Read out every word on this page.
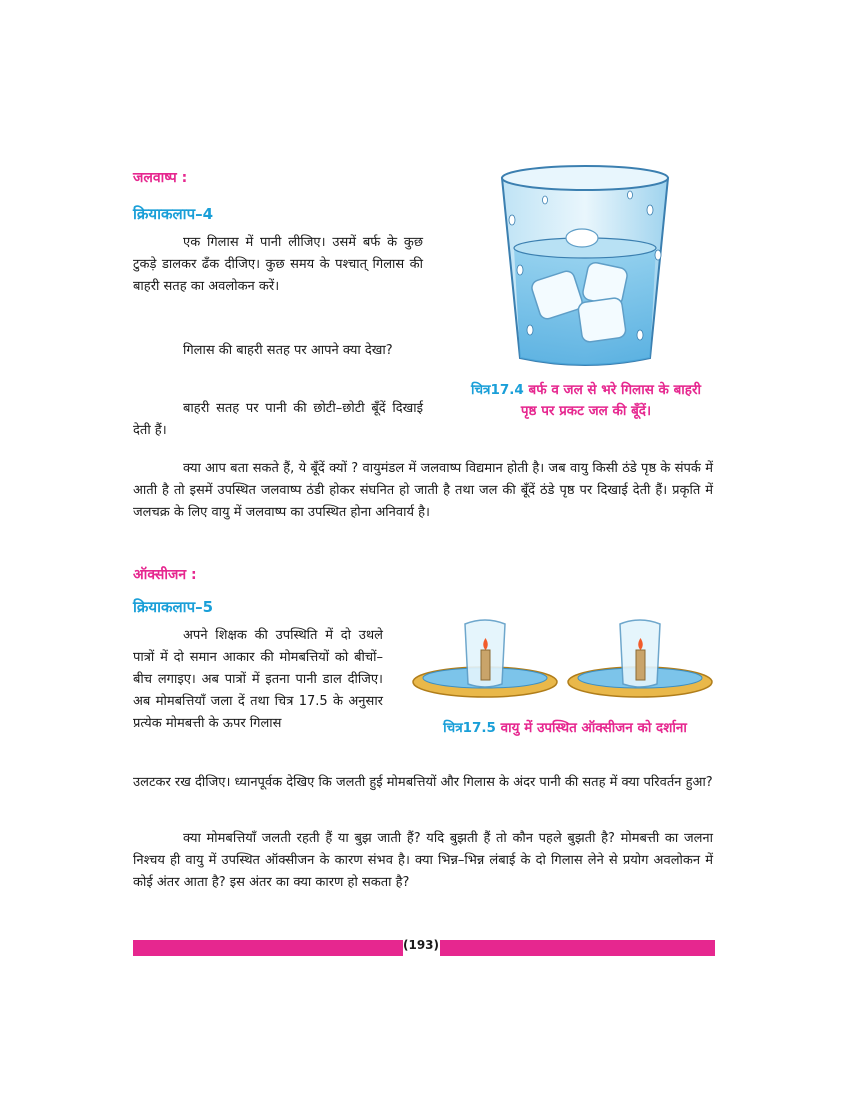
जलवाष्प :
क्रियाकलाप–4
एक गिलास में पानी लीजिए। उसमें बर्फ के कुछ टुकड़े डालकर ढँक दीजिए। कुछ समय के पश्चात् गिलास की बाहरी सतह का अवलोकन करें।
गिलास की बाहरी सतह पर आपने क्या देखा?
बाहरी सतह पर पानी की छोटी–छोटी बूँदें दिखाई देती हैं।
चित्र17.4 बर्फ व जल से भरे गिलास के बाहरी पृष्ठ पर प्रकट जल की बूँदें।
क्या आप बता सकते हैं, ये बूँदें क्यों ? वायुमंडल में जलवाष्प विद्यमान होती है। जब वायु किसी ठंडे पृष्ठ के संपर्क में आती है तो इसमें उपस्थित जलवाष्प ठंडी होकर संघनित हो जाती है तथा जल की बूँदें ठंडे पृष्ठ पर दिखाई देती हैं। प्रकृति में जलचक्र के लिए वायु में जलवाष्प का उपस्थित होना अनिवार्य है।
ऑक्सीजन :
क्रियाकलाप–5
अपने शिक्षक की उपस्थिति में दो उथले पात्रों में दो समान आकार की मोमबत्तियों को बीचों–बीच लगाइए। अब पात्रों में इतना पानी डाल दीजिए। अब मोमबत्तियाँ जला दें तथा चित्र 17.5 के अनुसार प्रत्येक मोमबत्ती के ऊपर गिलास	चित्र17.5 वायु में उपस्थित ऑक्सीजन को दर्शाना
उलटकर रख दीजिए। ध्यानपूर्वक देखिए कि जलती हुई मोमबत्तियों और गिलास के अंदर पानी की सतह में क्या परिवर्तन हुआ?
क्या मोमबत्तियाँ जलती रहती हैं या बुझ जाती हैं? यदि बुझती हैं तो कौन पहले बुझती है? मोमबत्ती का जलना निश्चय ही वायु में उपस्थित ऑक्सीजन के कारण संभव है। क्या भिन्न–भिन्न लंबाई के दो गिलास लेने से प्रयोग अवलोकन में कोई अंतर आता है? इस अंतर का क्या कारण हो सकता है?
(193)
